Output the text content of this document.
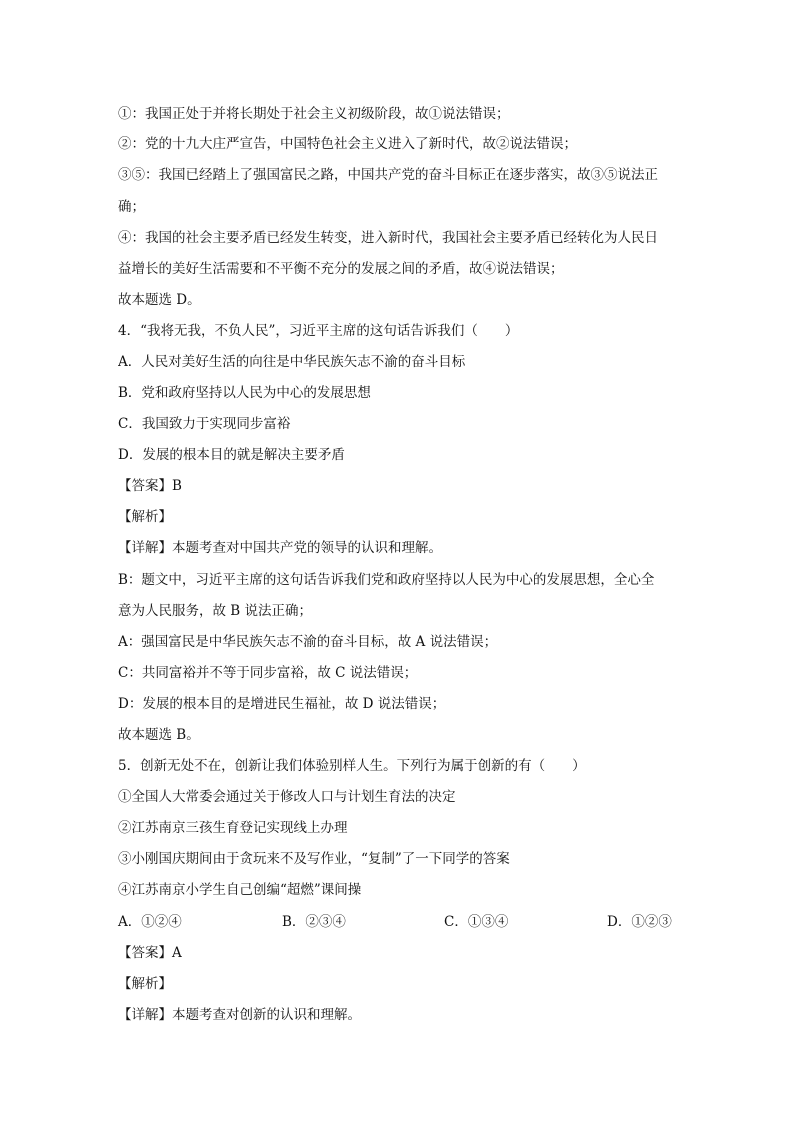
①：我国正处于并将长期处于社会主义初级阶段，故①说法错误；
②：党的十九大庄严宣告，中国特色社会主义进入了新时代，故②说法错误；
③⑤：我国已经踏上了强国富民之路，中国共产党的奋斗目标正在逐步落实，故③⑤说法正
确；
④：我国的社会主要矛盾已经发生转变，进入新时代，我国社会主要矛盾已经转化为人民日
益增长的美好生活需要和不平衡不充分的发展之间的矛盾，故④说法错误；
故本题选 D。
4．“我将无我，不负人民”，习近平主席的这句话告诉我们（　　）
A．人民对美好生活的向往是中华民族矢志不渝的奋斗目标
B．党和政府坚持以人民为中心的发展思想
C．我国致力于实现同步富裕
D．发展的根本目的就是解决主要矛盾
【答案】B
【解析】
【详解】本题考查对中国共产党的领导的认识和理解。
B：题文中，习近平主席的这句话告诉我们党和政府坚持以人民为中心的发展思想，全心全
意为人民服务，故 B 说法正确；
A：强国富民是中华民族矢志不渝的奋斗目标，故 A 说法错误；
C：共同富裕并不等于同步富裕，故 C 说法错误；
D：发展的根本目的是增进民生福祉，故 D 说法错误；
故本题选 B。
5．创新无处不在，创新让我们体验别样人生。下列行为属于创新的有（　　）
①全国人大常委会通过关于修改人口与计划生育法的决定
②江苏南京三孩生育登记实现线上办理
③小刚国庆期间由于贪玩来不及写作业，“复制”了一下同学的答案
④江苏南京小学生自己创编“超燃”课间操
A．①②④	B．②③④	C．①③④	D．①②③
【答案】A
【解析】
【详解】本题考查对创新的认识和理解。
